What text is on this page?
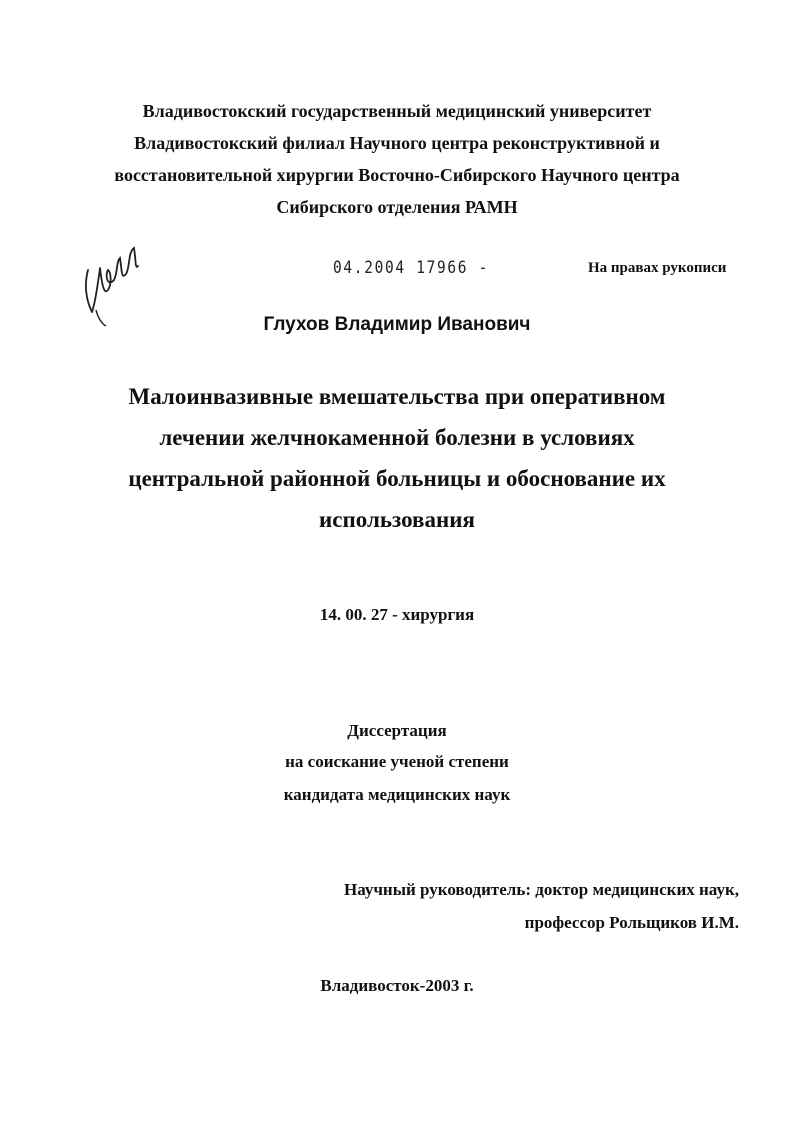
Владивостокский государственный медицинский университет
Владивостокский филиал Научного центра реконструктивной и
восстановительной хирургии Восточно-Сибирского Научного центра
Сибирского отделения РАМН
04.2004 17966 -	На правах рукописи
Глухов Владимир Иванович
Малоинвазивные вмешательства при оперативном
лечении желчнокаменной болезни в условиях
центральной районной больницы и обоснование их
использования
14. 00. 27 - хирургия
Диссертация
на соискание ученой степени
кандидата медицинских наук
Научный руководитель: доктор медицинских наук,
профессор Рольщиков И.М.
Владивосток-2003 г.
